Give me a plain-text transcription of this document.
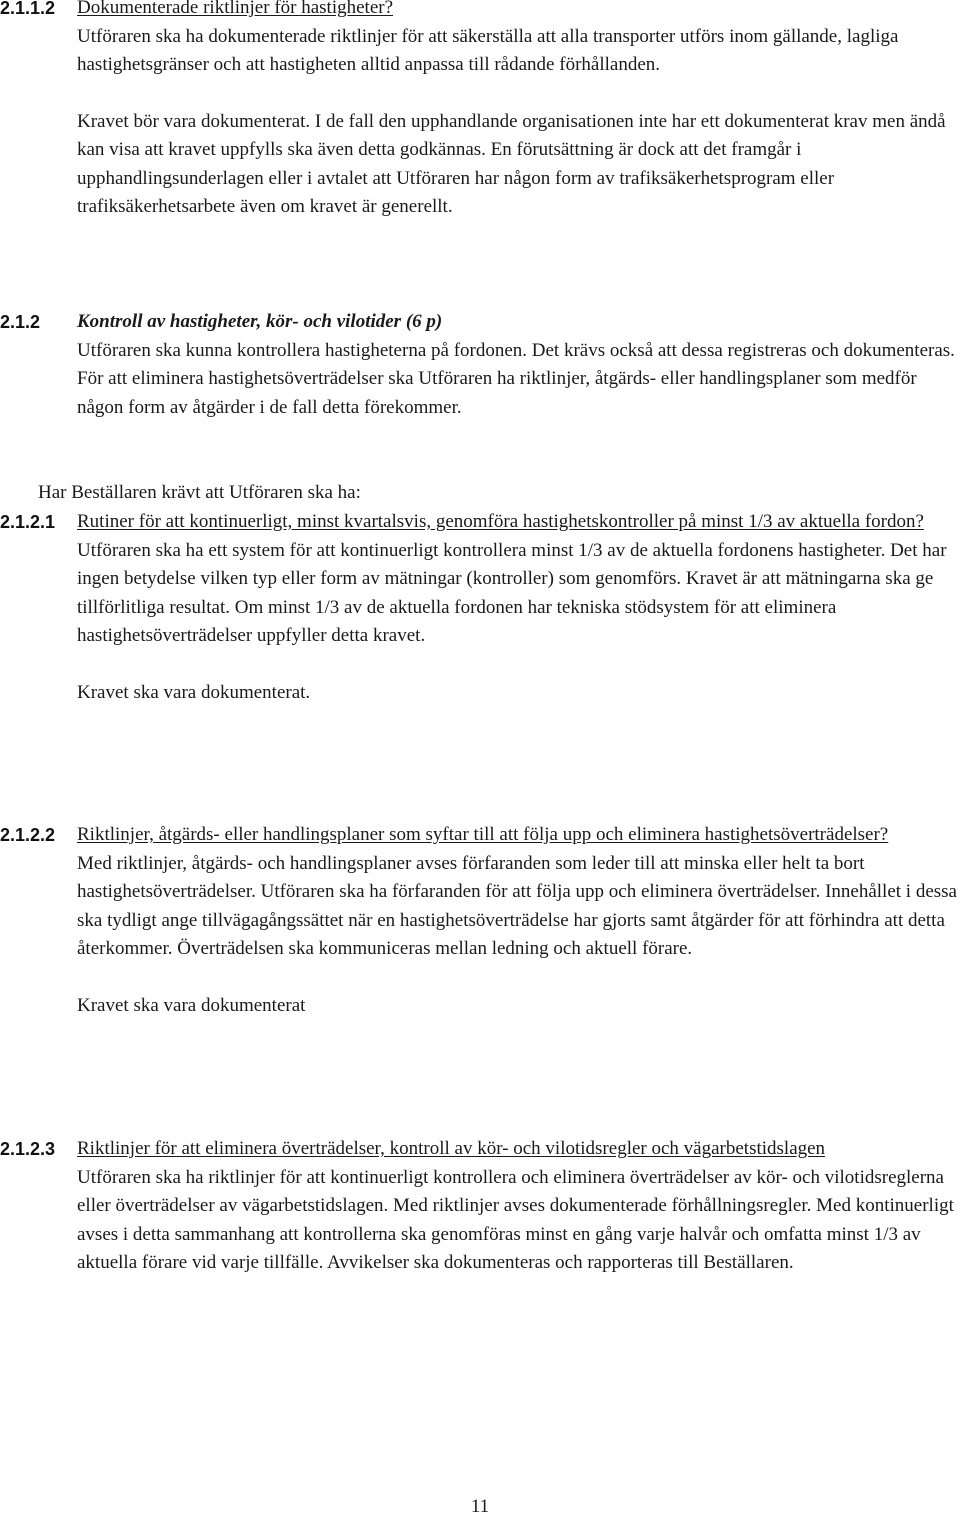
2.1.1.2 Dokumenterade riktlinjer för hastigheter?

Utföraren ska ha dokumenterade riktlinjer för att säkerställa att alla transporter utförs inom gällande, lagliga hastighetsgränser och att hastigheten alltid anpassa till rådande förhållanden.

Kravet bör vara dokumenterat. I de fall den upphandlande organisationen inte har ett dokumenterat krav men ändå kan visa att kravet uppfylls ska även detta godkännas. En förutsättning är dock att det framgår i upphandlingsunderlagen eller i avtalet att Utföraren har någon form av trafiksäkerhetsprogram eller trafiksäkerhetsarbete även om kravet är generellt.

2.1.2 Kontroll av hastigheter, kör- och vilotider (6 p)

Utföraren ska kunna kontrollera hastigheterna på fordonen. Det krävs också att dessa registreras och dokumenteras. För att eliminera hastighetsöverträdelser ska Utföraren ha riktlinjer, åtgärds- eller handlingsplaner som medför någon form av åtgärder i de fall detta förekommer.

Har Beställaren krävt att Utföraren ska ha:

2.1.2.1 Rutiner för att kontinuerligt, minst kvartalsvis, genomföra hastighetskontroller på minst 1/3 av aktuella fordon?

Utföraren ska ha ett system för att kontinuerligt kontrollera minst 1/3 av de aktuella fordonens hastigheter. Det har ingen betydelse vilken typ eller form av mätningar (kontroller) som genomförs. Kravet är att mätningarna ska ge tillförlitliga resultat. Om minst 1/3 av de aktuella fordonen har tekniska stödsystem för att eliminera hastighetsöverträdelser uppfyller detta kravet.

Kravet ska vara dokumenterat.

2.1.2.2 Riktlinjer, åtgärds- eller handlingsplaner som syftar till att följa upp och eliminera hastighetsöverträdelser?

Med riktlinjer, åtgärds- och handlingsplaner avses förfaranden som leder till att minska eller helt ta bort hastighetsöverträdelser. Utföraren ska ha förfaranden för att följa upp och eliminera överträdelser. Innehållet i dessa ska tydligt ange tillvägagångssättet när en hastighetsöverträdelse har gjorts samt åtgärder för att förhindra att detta återkommer. Överträdelsen ska kommuniceras mellan ledning och aktuell förare.

Kravet ska vara dokumenterat

2.1.2.3 Riktlinjer för att eliminera överträdelser, kontroll av kör- och vilotidsregler och vägarbetstidslagen

Utföraren ska ha riktlinjer för att kontinuerligt kontrollera och eliminera överträdelser av kör- och vilotidsreglerna eller överträdelser av vägarbetstidslagen. Med riktlinjer avses dokumenterade förhållningsregler. Med kontinuerligt avses i detta sammanhang att kontrollerna ska genomföras minst en gång varje halvår och omfatta minst 1/3 av aktuella förare vid varje tillfälle. Avvikelser ska dokumenteras och rapporteras till Beställaren.

11
